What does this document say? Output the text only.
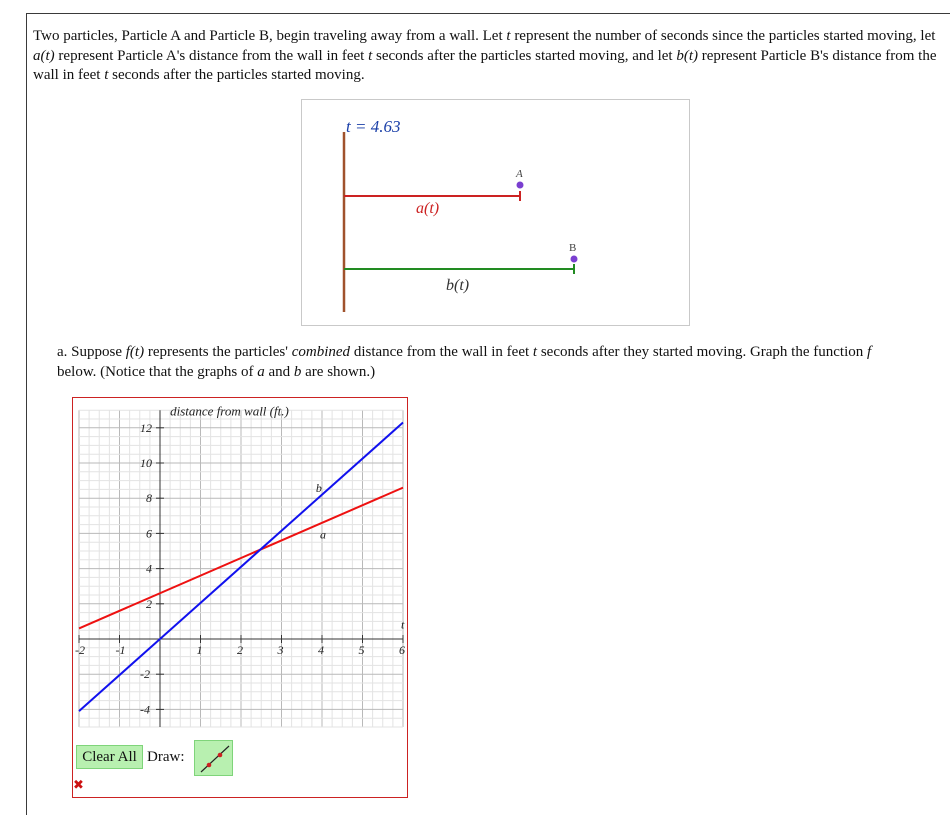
Two particles, Particle A and Particle B, begin traveling away from a wall. Let t represent the number of seconds since the particles started moving, let a(t) represent Particle A's distance from the wall in feet t seconds after the particles started moving, and let b(t) represent Particle B's distance from the wall in feet t seconds after the particles started moving.
t = 4.63
a(t)
A
b(t)
B
a. Suppose f(t) represents the particles' combined distance from the wall in feet t seconds after they started moving. Graph the function f
below. (Notice that the graphs of a and b are shown.)
-2	-1	1	2	3	4	5	6
12
10
8
6
4
2
-2
-4
a
b
distance from wall (ft.)
t
Clear All Draw:
✖
